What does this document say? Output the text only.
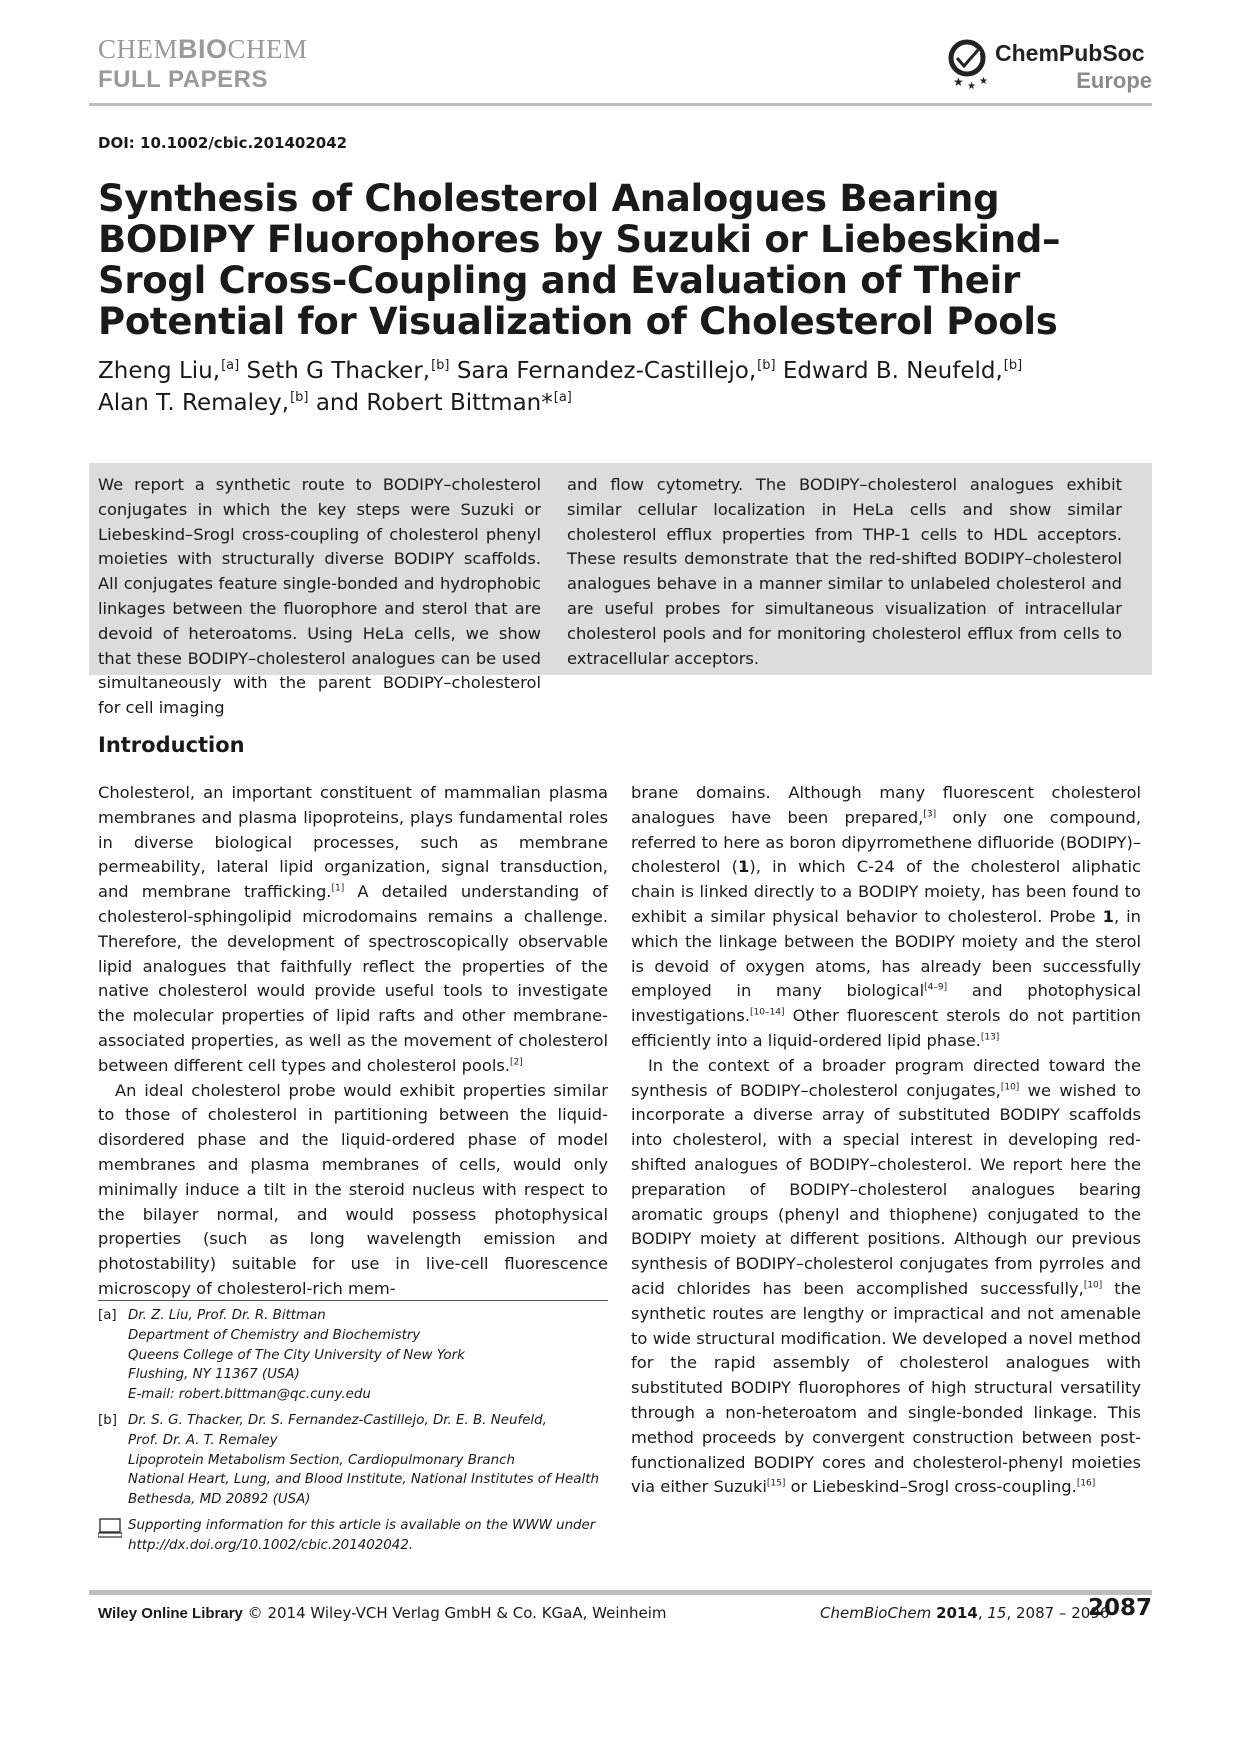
CHEMBIOCHEM
FULL PAPERS	★ ★ ★
ChemPubSoc
Europe
DOI: 10.1002/cbic.201402042
Synthesis of Cholesterol Analogues Bearing BODIPY Fluorophores by Suzuki or Liebeskind–Srogl Cross-Coupling and Evaluation of Their Potential for Visualization of Cholesterol Pools
Zheng Liu,[a] Seth G Thacker,[b] Sara Fernandez-Castillejo,[b] Edward B. Neufeld,[b]
Alan T. Remaley,[b] and Robert Bittman*[a]
We report a synthetic route to BODIPY–cholesterol conjugates in which the key steps were Suzuki or Liebeskind–Srogl cross-coupling of cholesterol phenyl moieties with structurally diverse BODIPY scaffolds. All conjugates feature single-bonded and hydrophobic linkages between the fluorophore and sterol that are devoid of heteroatoms. Using HeLa cells, we show that these BODIPY–cholesterol analogues can be used simultaneously with the parent BODIPY–cholesterol for cell imaging
and flow cytometry. The BODIPY–cholesterol analogues exhibit similar cellular localization in HeLa cells and show similar cholesterol efflux properties from THP-1 cells to HDL acceptors. These results demonstrate that the red-shifted BODIPY–cholesterol analogues behave in a manner similar to unlabeled cholesterol and are useful probes for simultaneous visualization of intracellular cholesterol pools and for monitoring cholesterol efflux from cells to extracellular acceptors.
Introduction

Cholesterol, an important constituent of mammalian plasma membranes and plasma lipoproteins, plays fundamental roles in diverse biological processes, such as membrane permeability, lateral lipid organization, signal transduction, and membrane trafficking.[1] A detailed understanding of cholesterol-sphingolipid microdomains remains a challenge. Therefore, the development of spectroscopically observable lipid analogues that faithfully reflect the properties of the native cholesterol would provide useful tools to investigate the molecular properties of lipid rafts and other membrane-associated properties, as well as the movement of cholesterol between different cell types and cholesterol pools.[2]

An ideal cholesterol probe would exhibit properties similar to those of cholesterol in partitioning between the liquid-disordered phase and the liquid-ordered phase of model membranes and plasma membranes of cells, would only minimally induce a tilt in the steroid nucleus with respect to the bilayer normal, and would possess photophysical properties (such as long wavelength emission and photostability) suitable for use in live-cell fluorescence microscopy of cholesterol-rich mem-

[a] Dr. Z. Liu, Prof. Dr. R. Bittman
Department of Chemistry and Biochemistry
Queens College of The City University of New York
Flushing, NY 11367 (USA)
E-mail: robert.bittman@qc.cuny.edu
[b] Dr. S. G. Thacker, Dr. S. Fernandez-Castillejo, Dr. E. B. Neufeld,
Prof. Dr. A. T. Remaley
Lipoprotein Metabolism Section, Cardiopulmonary Branch
National Heart, Lung, and Blood Institute, National Institutes of Health
Bethesda, MD 20892 (USA)
Supporting information for this article is available on the WWW under
http://dx.doi.org/10.1002/cbic.201402042.

brane domains. Although many fluorescent cholesterol analogues have been prepared,[3] only one compound, referred to here as boron dipyrromethene difluoride (BODIPY)–cholesterol (1), in which C-24 of the cholesterol aliphatic chain is linked directly to a BODIPY moiety, has been found to exhibit a similar physical behavior to cholesterol. Probe 1, in which the linkage between the BODIPY moiety and the sterol is devoid of oxygen atoms, has already been successfully employed in many biological[4–9] and photophysical investigations.[10–14] Other fluorescent sterols do not partition efficiently into a liquid-ordered lipid phase.[13]

In the context of a broader program directed toward the synthesis of BODIPY–cholesterol conjugates,[10] we wished to incorporate a diverse array of substituted BODIPY scaffolds into cholesterol, with a special interest in developing red-shifted analogues of BODIPY–cholesterol. We report here the preparation of BODIPY–cholesterol analogues bearing aromatic groups (phenyl and thiophene) conjugated to the BODIPY moiety at different positions. Although our previous synthesis of BODIPY–cholesterol conjugates from pyrroles and acid chlorides has been accomplished successfully,[10] the synthetic routes are lengthy or impractical and not amenable to wide structural modification. We developed a novel method for the rapid assembly of cholesterol analogues with substituted BODIPY fluorophores of high structural versatility through a non-heteroatom and single-bonded linkage. This method proceeds by convergent construction between post-functionalized BODIPY cores and cholesterol-phenyl moieties via either Suzuki[15] or Liebeskind–Srogl cross-coupling.[16]

Wiley Online Library © 2014 Wiley-VCH Verlag GmbH & Co. KGaA, Weinheim	ChemBioChem 2014, 15, 2087 – 2096
2087
